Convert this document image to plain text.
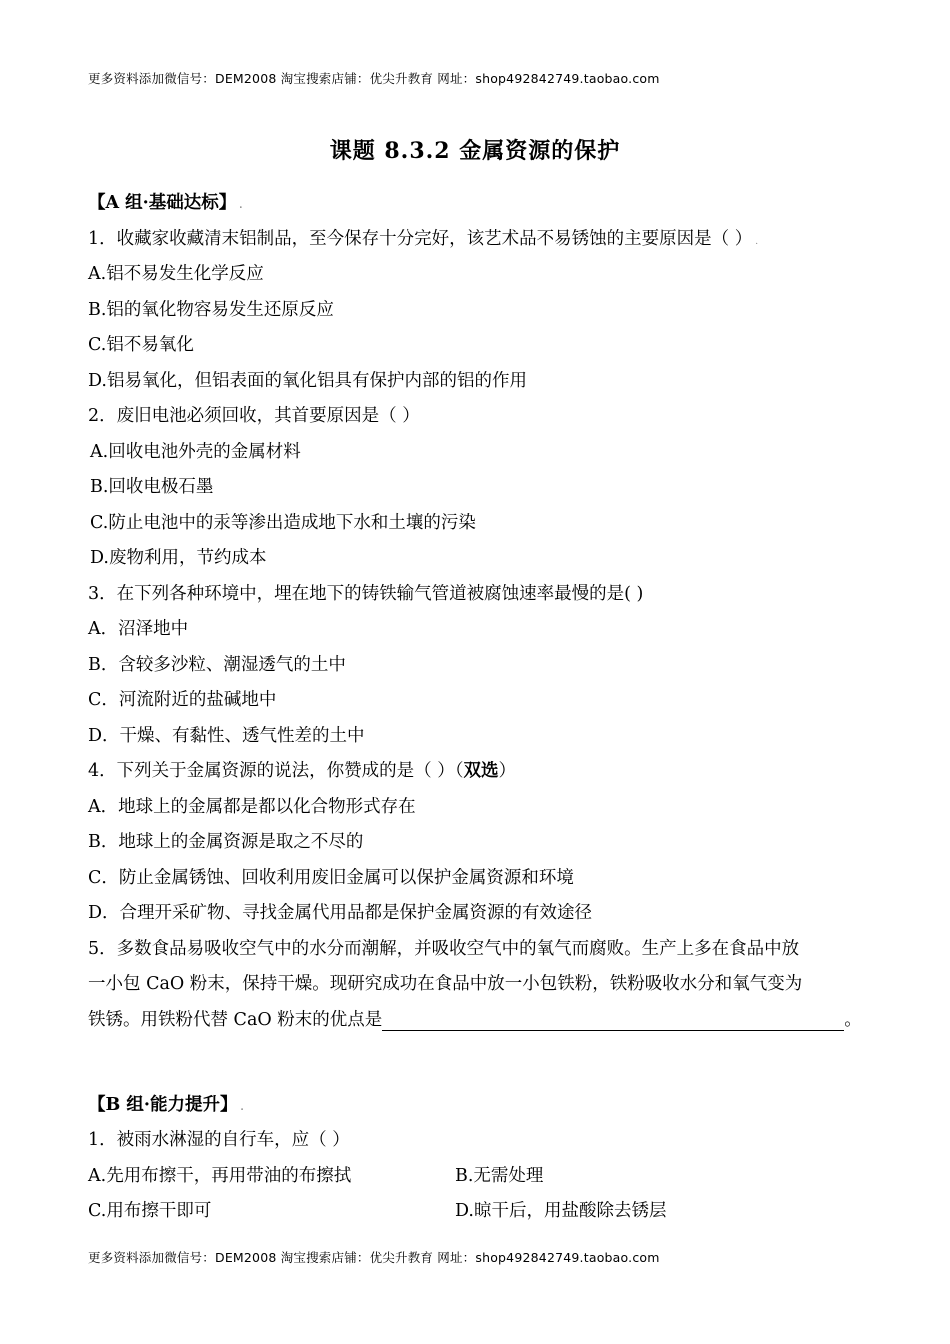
更多资料添加微信号：DEM2008 淘宝搜索店铺：优尖升教育 网址：shop492842749.taobao.com
课题 8.3.2 金属资源的保护
【A 组·基础达标】 .
1．收藏家收藏清末铝制品，至今保存十分完好，该艺术品不易锈蚀的主要原因是（ ） .
A.铝不易发生化学反应
B.铝的氧化物容易发生还原反应
C.铝不易氧化
D.铝易氧化，但铝表面的氧化铝具有保护内部的铝的作用
2．废旧电池必须回收，其首要原因是（ ）
A.回收电池外壳的金属材料
B.回收电极石墨
C.防止电池中的汞等渗出造成地下水和土壤的污染
D.废物利用，节约成本
3．在下列各种环境中，埋在地下的铸铁输气管道被腐蚀速率最慢的是( )
A．沼泽地中
B．含较多沙粒、潮湿透气的土中
C．河流附近的盐碱地中
D．干燥、有黏性、透气性差的土中
4．下列关于金属资源的说法，你赞成的是（ ）（双选）
A．地球上的金属都是都以化合物形式存在
B．地球上的金属资源是取之不尽的
C．防止金属锈蚀、回收利用废旧金属可以保护金属资源和环境
D．合理开采矿物、寻找金属代用品都是保护金属资源的有效途径
5．多数食品易吸收空气中的水分而潮解，并吸收空气中的氧气而腐败。生产上多在食品中放
一小包 CaO 粉末，保持干燥。现研究成功在食品中放一小包铁粉，铁粉吸收水分和氧气变为
铁锈。用铁粉代替 CaO 粉末的优点是	。
【B 组·能力提升】 .
1．被雨水淋湿的自行车，应（ ）
A.先用布擦干，再用带油的布擦拭	B.无需处理
C.用布擦干即可	D.晾干后，用盐酸除去锈层
更多资料添加微信号：DEM2008 淘宝搜索店铺：优尖升教育 网址：shop492842749.taobao.com
